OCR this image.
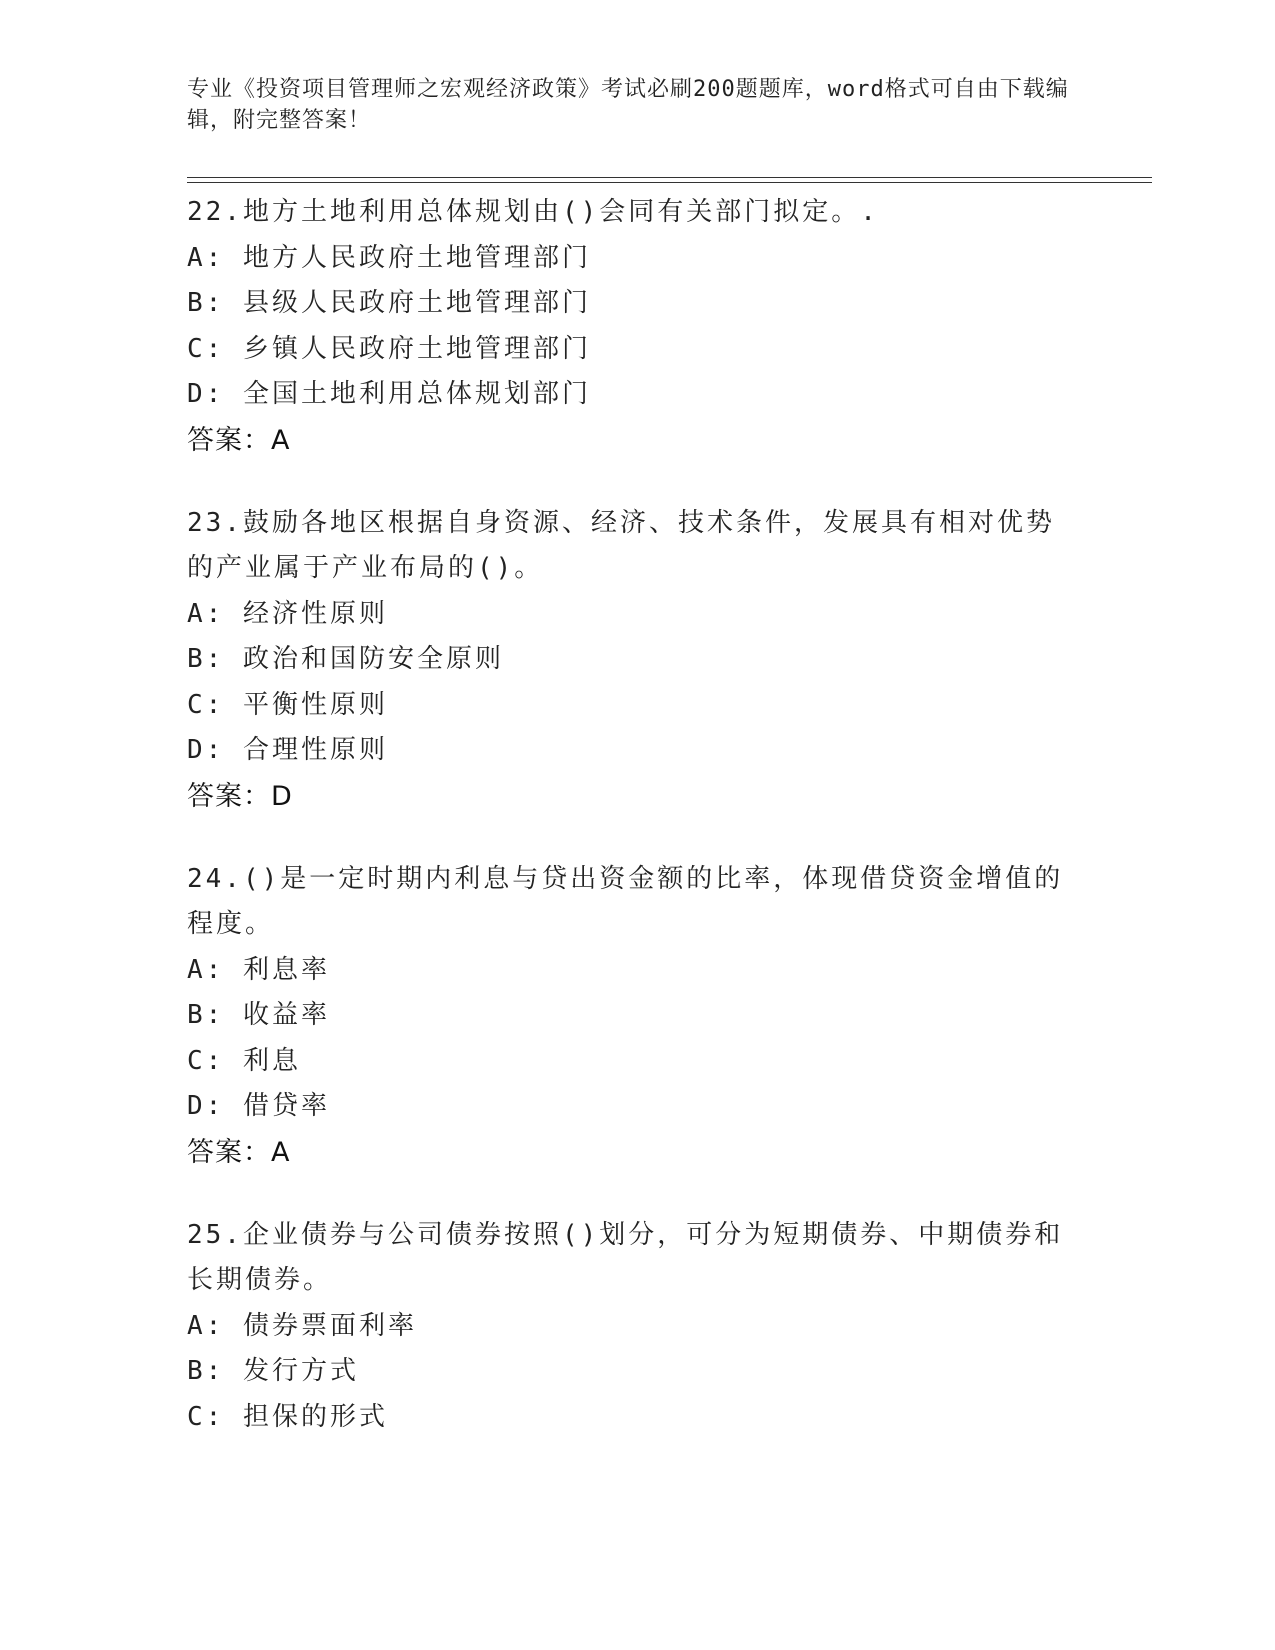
专业《投资项目管理师之宏观经济政策》考试必刷200题题库，word格式可自由下载编辑，附完整答案！
22.地方土地利用总体规划由()会同有关部门拟定。.
A: 地方人民政府土地管理部门
B: 县级人民政府土地管理部门
C: 乡镇人民政府土地管理部门
D: 全国土地利用总体规划部门
答案：A
23.鼓励各地区根据自身资源、经济、技术条件，发展具有相对优势的产业属于产业布局的()。
A: 经济性原则
B: 政治和国防安全原则
C: 平衡性原则
D: 合理性原则
答案：D
24.()是一定时期内利息与贷出资金额的比率，体现借贷资金增值的程度。
A: 利息率
B: 收益率
C: 利息
D: 借贷率
答案：A
25.企业债券与公司债券按照()划分，可分为短期债券、中期债券和长期债券。
A: 债券票面利率
B: 发行方式
C: 担保的形式
